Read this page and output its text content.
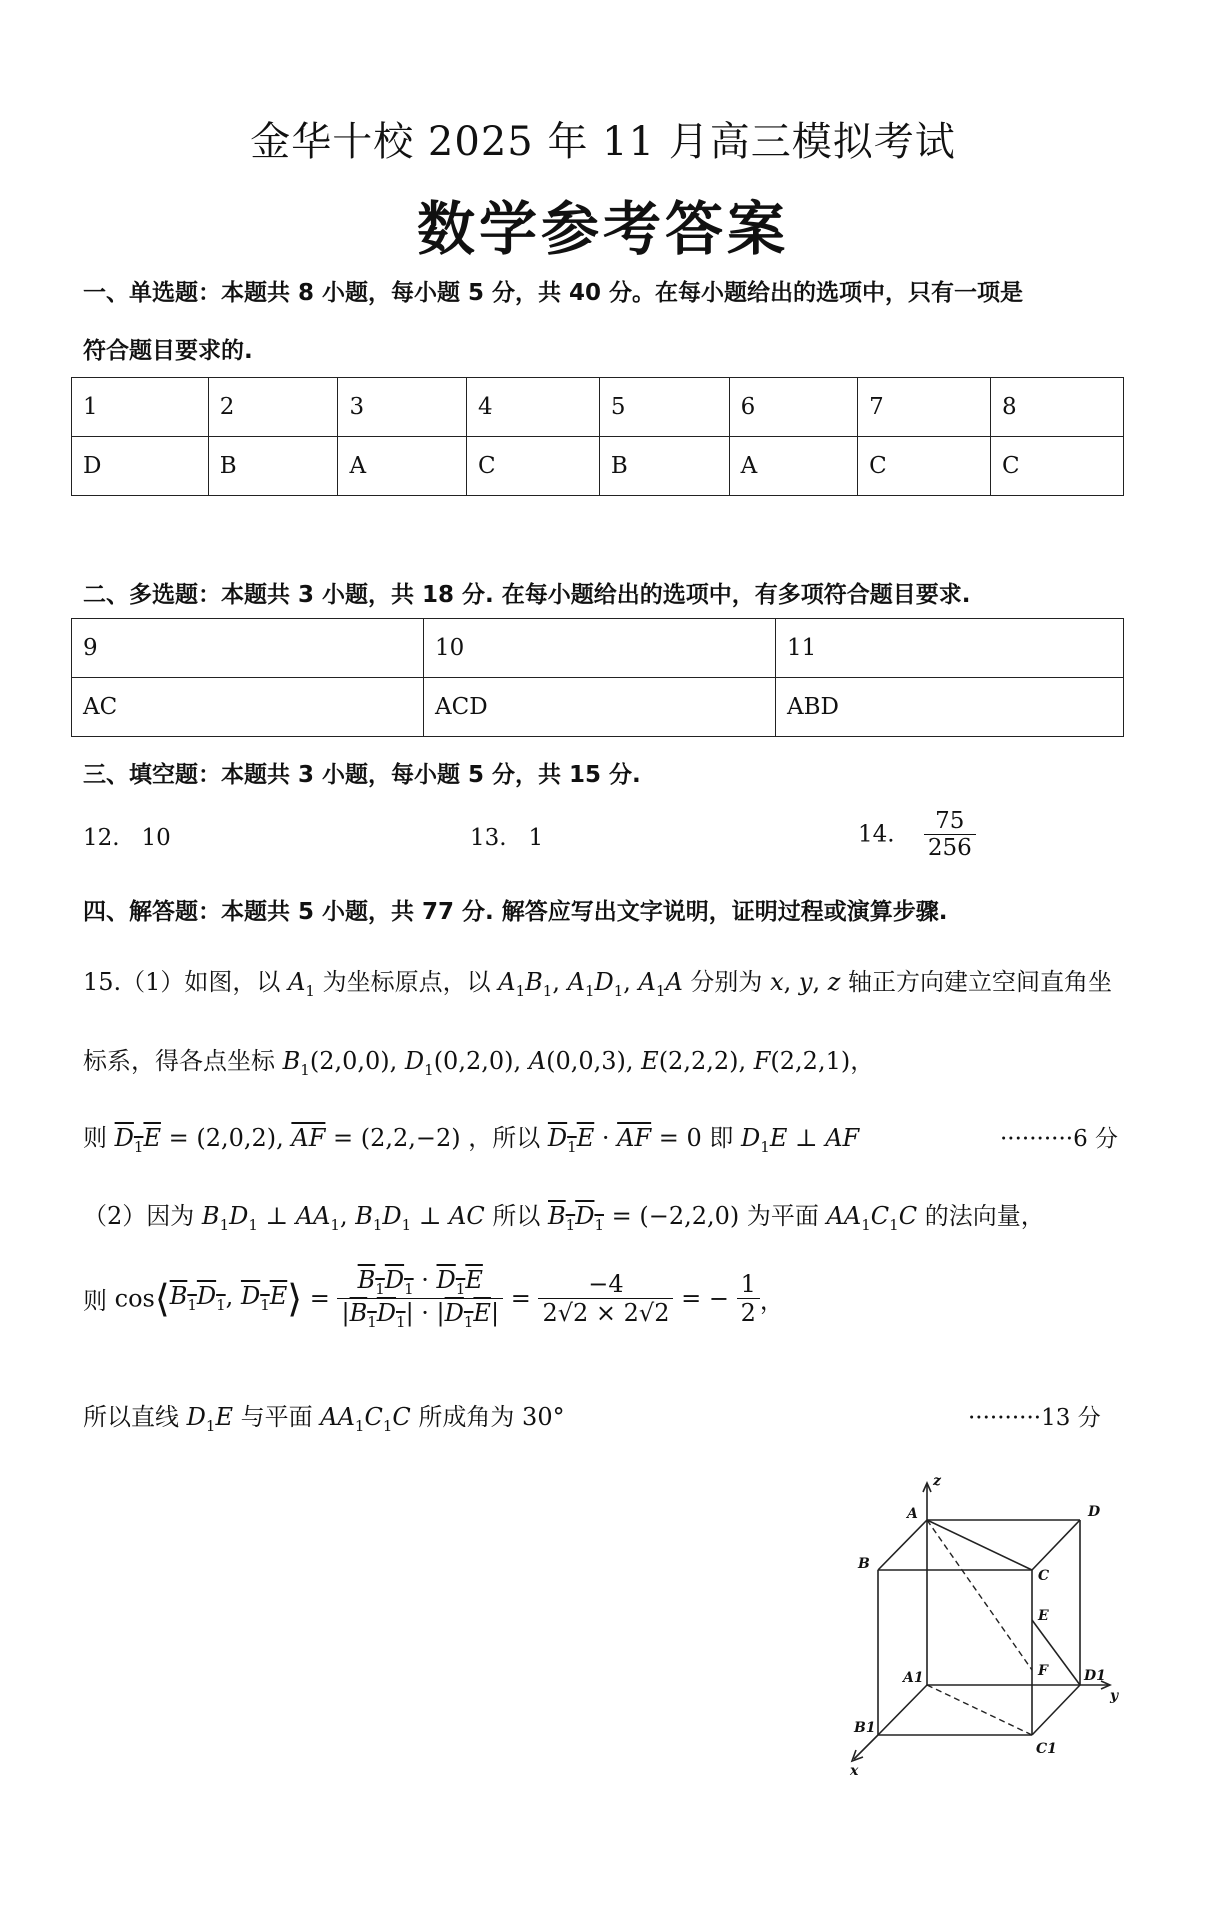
金华十校 2025 年 11 月高三模拟考试
数学参考答案
一、单选题：本题共 8 小题，每小题 5 分，共 40 分。在每小题给出的选项中，只有一项是
符合题目要求的.
1	2	3	4	5	6	7	8
D	B	A	C	B	A	C	C
二、多选题：本题共 3 小题，共 18 分. 在每小题给出的选项中，有多项符合题目要求.
9	10	11
AC	ACD	ABD
三、填空题：本题共 3 小题，每小题 5 分，共 15 分.
12. 10	13. 1	14. $\frac{75}{256}$
四、解答题：本题共 5 小题，共 77 分. 解答应写出文字说明，证明过程或演算步骤.
15.（1）如图，以 $A_1$ 为坐标原点，以 $A_1B_1$, $A_1D_1$, $A_1A$ 分别为 x, y, z 轴正方向建立空间直角坐
标系，得各点坐标 $B_1(2,0,0)$, $D_1(0,2,0)$, A(0,0,3), E(2,2,2), F(2,2,1)，
则 $D_1E = (2,0,2)$, $\overline{AF} = (2,2,-2)$ ，所以 $D_1E \cdot \overline{AF} = 0$ 即 $D_1E$ ⊥ AF	··········6 分
（2）因为 $B_1D_1$ ⊥ $AA_1$, $B_1D_1$ ⊥ AC 所以 $B_1D_1 = (-2,2,0)$ 为平面 $AA_1C_1C$ 的法向量，
则 $\cos⟨B_1D_1$, $D_1E⟩ = \frac{B_1D_1 \cdot D_1E}{|B_1D_1| \cdot |D_1E|} = \frac{-4}{2√2 \times 2√2}$ = − $\frac{1}{2}$ ，
所以直线 $D_1E$ 与平面 $AA_1C_1C$ 所成角为 30°	··········13 分
z
A	D
B
C
E
F
A1	D1
y
B1
C1
x
